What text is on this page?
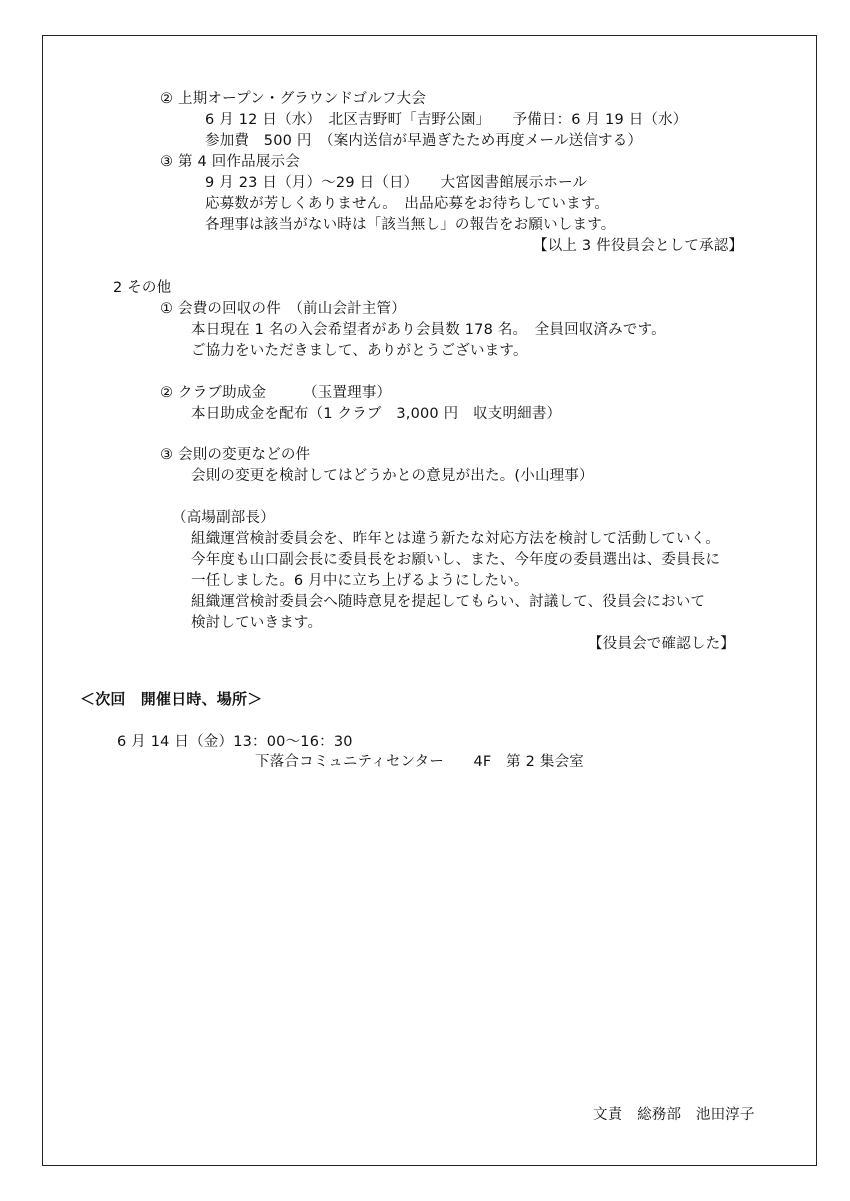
② 上期オープン・グラウンドゴルフ大会
6 月 12 日（水）　北区吉野町「吉野公園」　　予備日：6 月 19 日（水）
参加費　500 円　（案内送信が早過ぎたため再度メール送信する）
③ 第 4 回作品展示会
9 月 23 日（月）～29 日（日）　　大宮図書館展示ホール
応募数が芳しくありません。　出品応募をお待ちしています。
各理事は該当がない時は「該当無し」の報告をお願いします。
【以上 3 件役員会として承認】
2 その他
① 会費の回収の件　（前山会計主管）
本日現在 1 名の入会希望者があり会員数 178 名。　全員回収済みです。
ご協力をいただきまして、ありがとうございます。
② クラブ助成金　　　（玉置理事）
本日助成金を配布（1 クラブ　3,000 円　収支明細書）
③ 会則の変更などの件
会則の変更を検討してはどうかとの意見が出た。(小山理事）
（高場副部長）
組織運営検討委員会を、昨年とは違う新たな対応方法を検討して活動していく。
今年度も山口副会長に委員長をお願いし、また、今年度の委員選出は、委員長に
一任しました。6 月中に立ち上げるようにしたい。
組織運営検討委員会へ随時意見を提起してもらい、討議して、役員会において
検討していきます。
【役員会で確認した】
＜次回　開催日時、場所＞
6 月 14 日（金）13：00～16：30
下落合コミュニティセンター　　4F　第 2 集会室
文責　総務部　池田淳子
